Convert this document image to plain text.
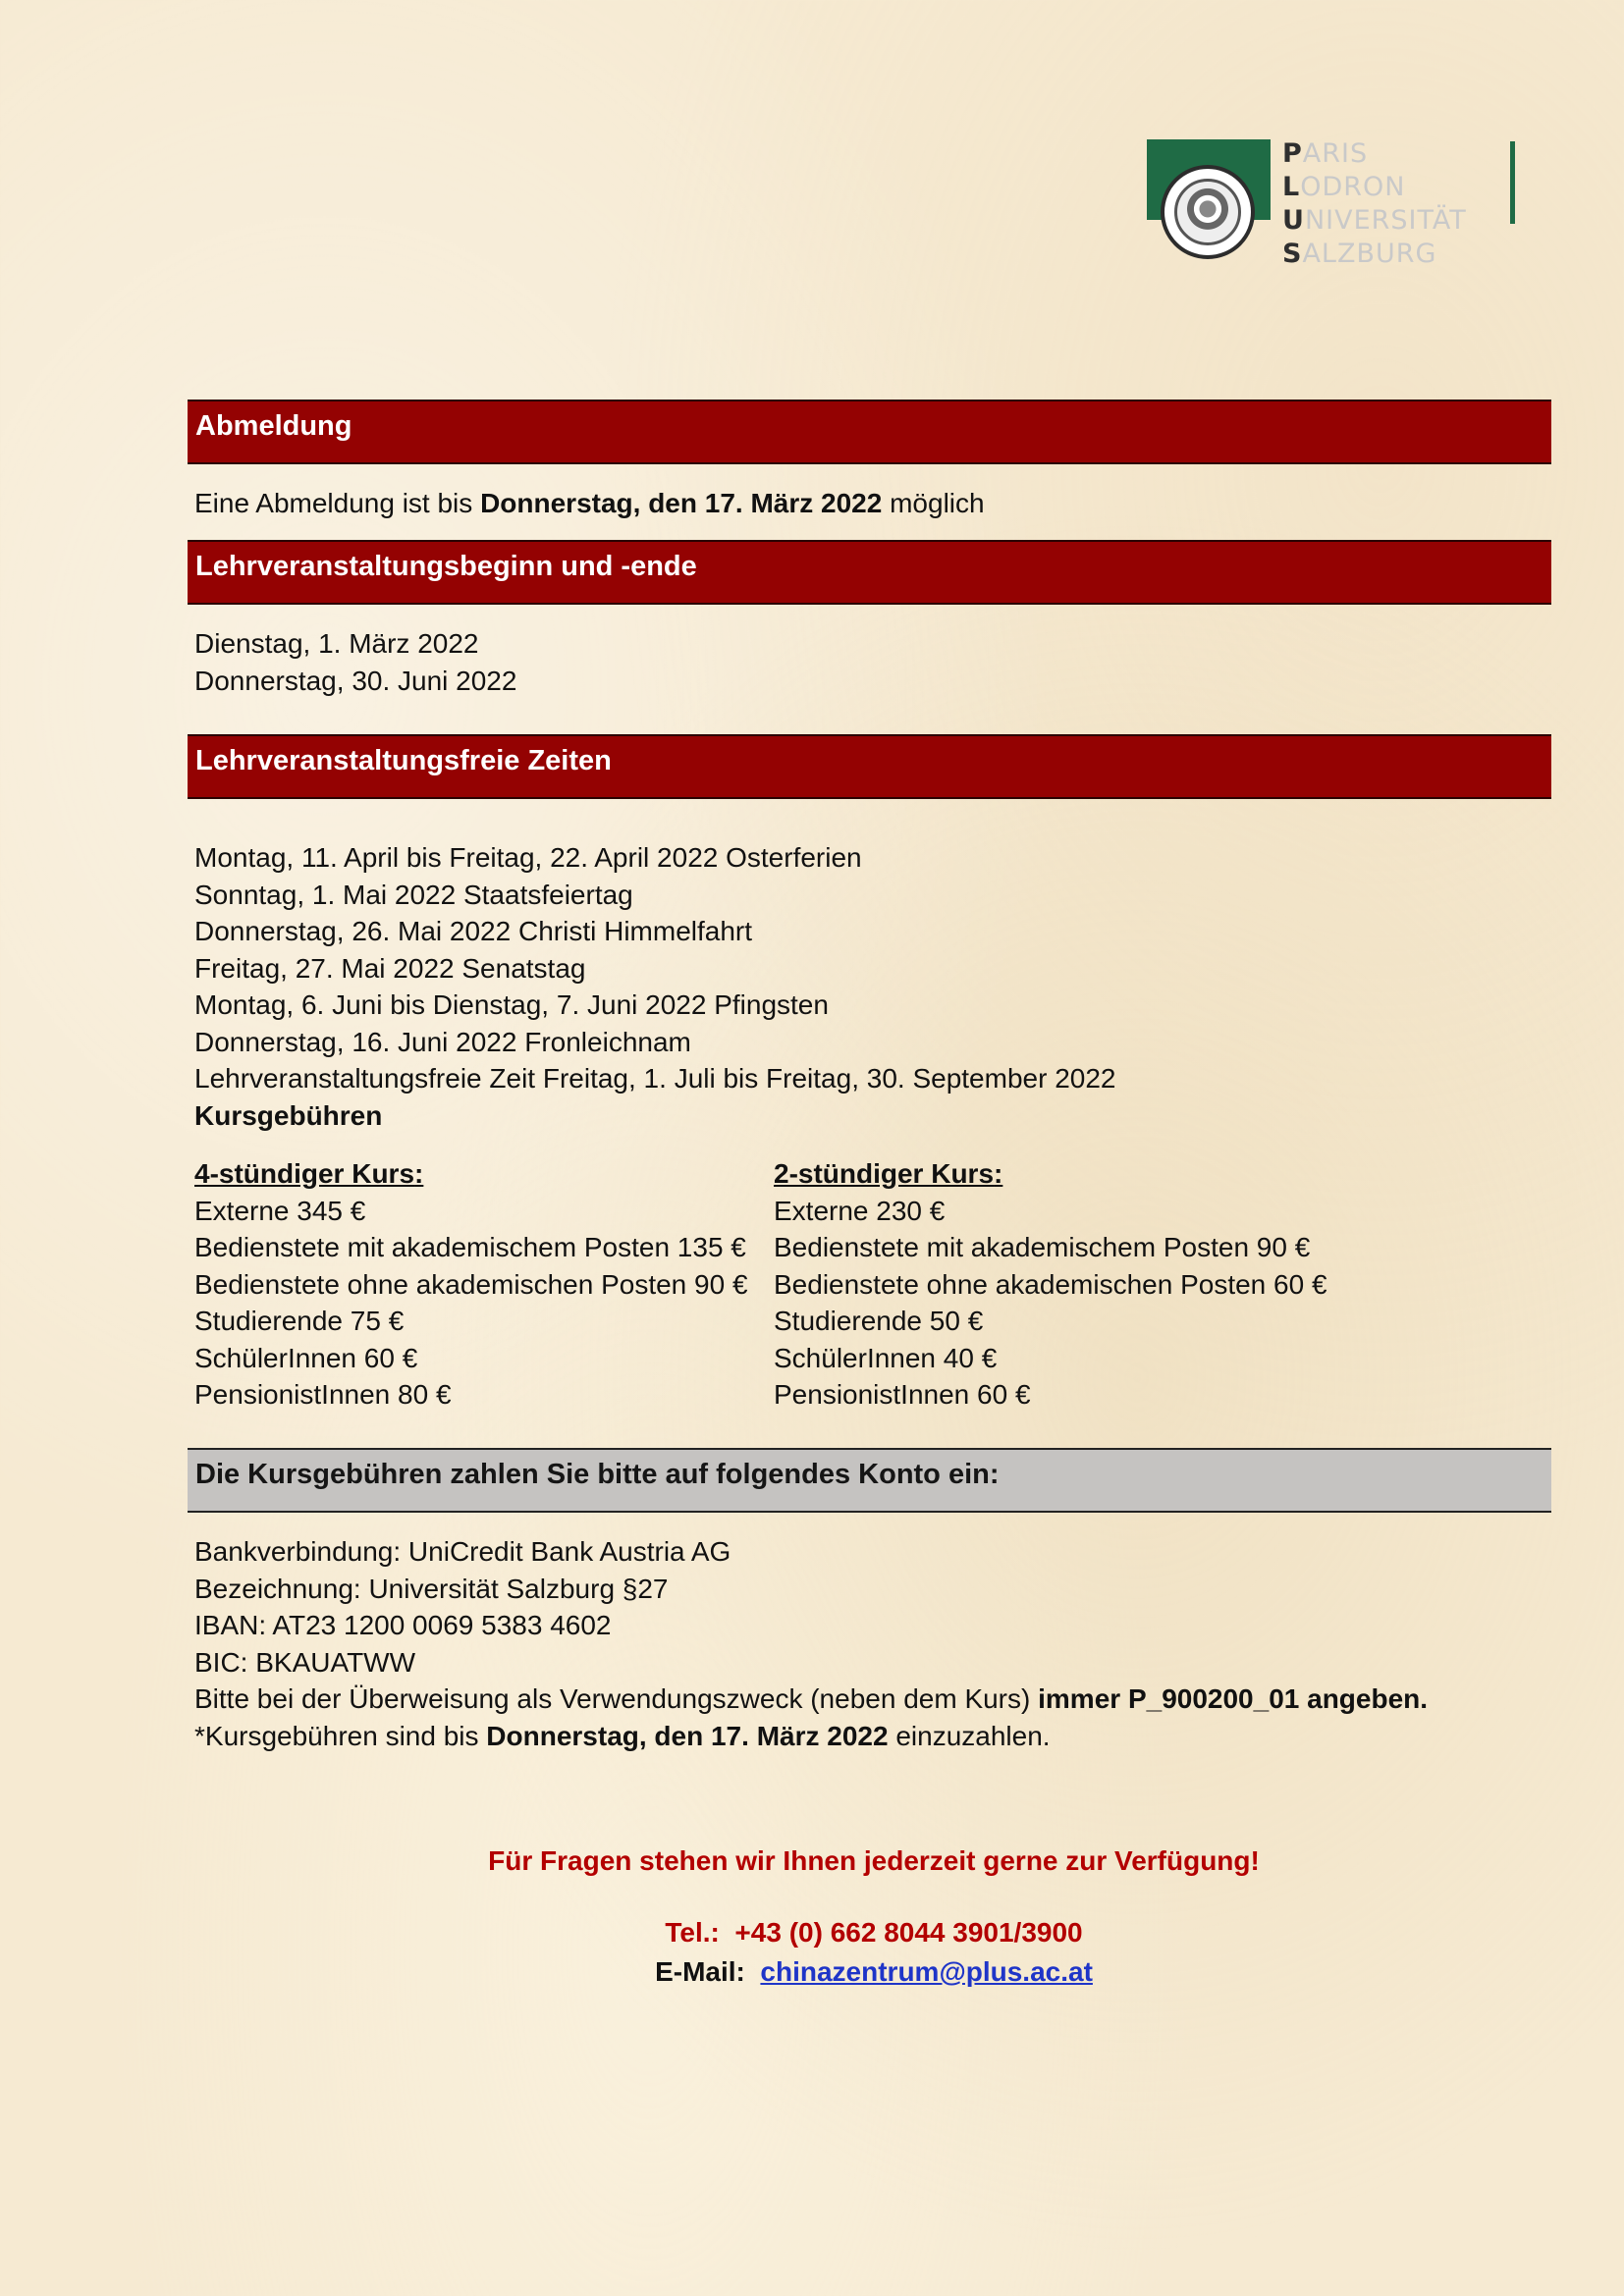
PARIS
LODRON
UNIVERSITÄT
SALZBURG
Abmeldung
Eine Abmeldung ist bis Donnerstag, den 17. März 2022 möglich
Lehrveranstaltungsbeginn und -ende
Dienstag, 1. März 2022
Donnerstag, 30. Juni 2022
Lehrveranstaltungsfreie Zeiten
Montag, 11. April bis Freitag, 22. April 2022 Osterferien
Sonntag, 1. Mai 2022 Staatsfeiertag
Donnerstag, 26. Mai 2022 Christi Himmelfahrt
Freitag, 27. Mai 2022 Senatstag
Montag, 6. Juni bis Dienstag, 7. Juni 2022 Pfingsten
Donnerstag, 16. Juni 2022 Fronleichnam
Lehrveranstaltungsfreie Zeit Freitag, 1. Juli bis Freitag, 30. September 2022
Kursgebühren
4-stündiger Kurs:
Externe 345 €
Bedienstete mit akademischem Posten 135 €
Bedienstete ohne akademischen Posten 90 €
Studierende 75 €
SchülerInnen 60 €
PensionistInnen 80 €
2-stündiger Kurs:
Externe 230 €
Bedienstete mit akademischem Posten 90 €
Bedienstete ohne akademischen Posten 60 €
Studierende 50 €
SchülerInnen 40 €
PensionistInnen 60 €
Die Kursgebühren zahlen Sie bitte auf folgendes Konto ein:
Bankverbindung: UniCredit Bank Austria AG
Bezeichnung: Universität Salzburg §27
IBAN: AT23 1200 0069 5383 4602
BIC: BKAUATWW
Bitte bei der Überweisung als Verwendungszweck (neben dem Kurs) immer P_900200_01 angeben.
*Kursgebühren sind bis Donnerstag, den 17. März 2022 einzuzahlen.
Für Fragen stehen wir Ihnen jederzeit gerne zur Verfügung!
Tel.: +43 (0) 662 8044 3901/3900
E-Mail: chinazentrum@plus.ac.at
